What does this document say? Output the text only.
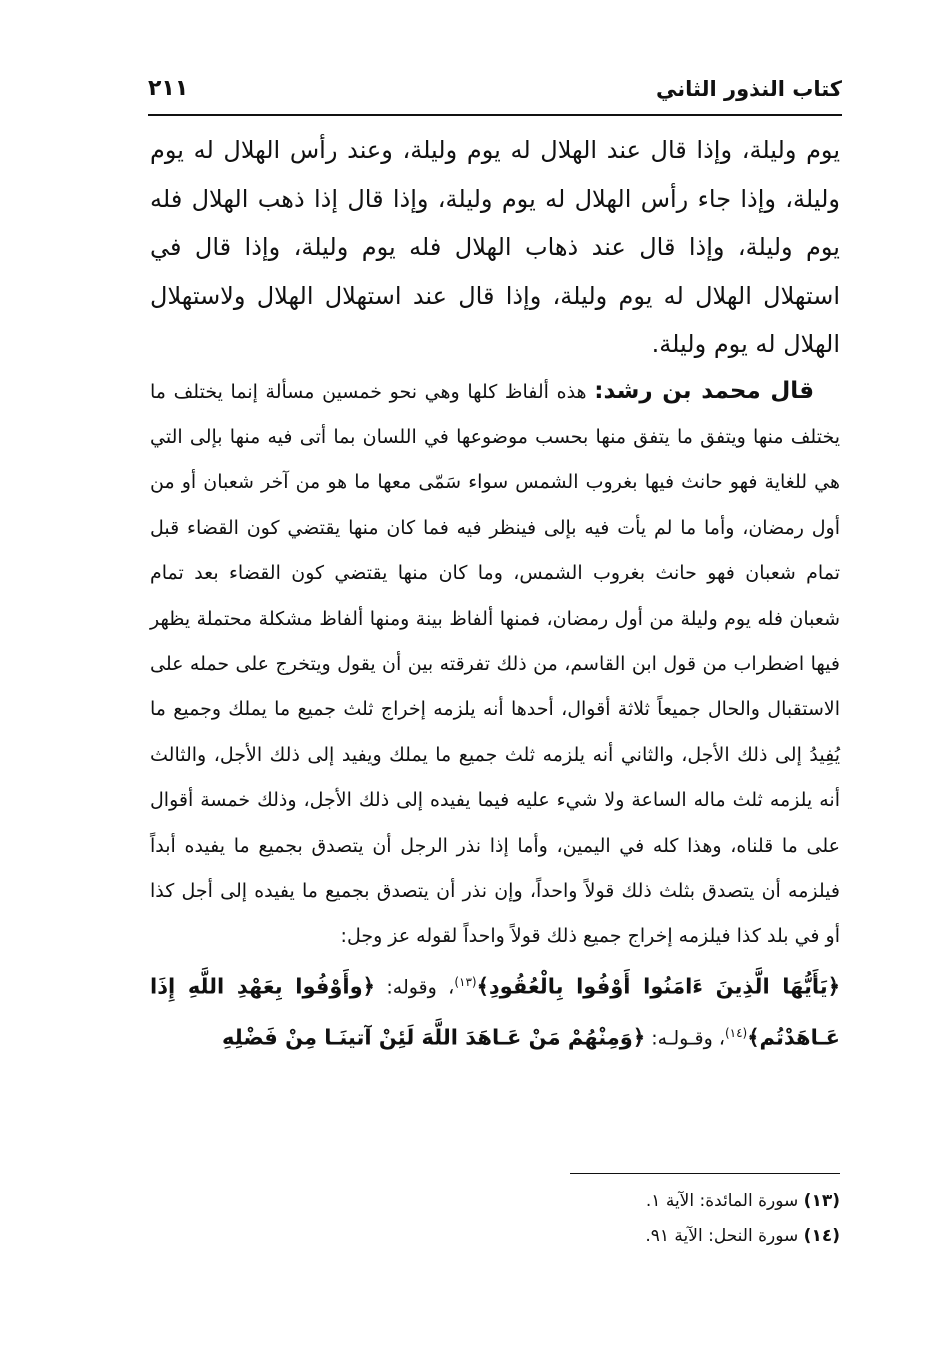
كتاب النذور الثاني
٢١١

يوم وليلة، وإذا قال عند الهلال له يوم وليلة، وعند رأس الهلال له يوم وليلة، وإذا جاء رأس الهلال له يوم وليلة، وإذا قال إذا ذهب الهلال فله يوم وليلة، وإذا قال عند ذهاب الهلال فله يوم وليلة، وإذا قال في استهلال الهلال له يوم وليلة، وإذا قال عند استهلال الهلال ولاستهلال الهلال له يوم وليلة.

قال محمد بن رشد: هذه ألفاظ كلها وهي نحو خمسين مسألة إنما يختلف ما يختلف منها ويتفق ما يتفق منها بحسب موضوعها في اللسان بما أتى فيه منها بإلى التي هي للغاية فهو حانث فيها بغروب الشمس سواء سَمّى معها ما هو من آخر شعبان أو من أول رمضان، وأما ما لم يأت فيه بإلى فينظر فيه فما كان منها يقتضي كون القضاء قبل تمام شعبان فهو حانث بغروب الشمس، وما كان منها يقتضي كون القضاء بعد تمام شعبان فله يوم وليلة من أول رمضان، فمنها ألفاظ بينة ومنها ألفاظ مشكلة محتملة يظهر فيها اضطراب من قول ابن القاسم، من ذلك تفرقته بين أن يقول ويتخرج على حمله على الاستقبال والحال جميعاً ثلاثة أقوال، أحدها أنه يلزمه إخراج ثلث جميع ما يملك وجميع ما يُفِيدُ إلى ذلك الأجل، والثاني أنه يلزمه ثلث جميع ما يملك ويفيد إلى ذلك الأجل، والثالث أنه يلزمه ثلث ماله الساعة ولا شيء عليه فيما يفيده إلى ذلك الأجل، وذلك خمسة أقوال على ما قلناه، وهذا كله في اليمين، وأما إذا نذر الرجل أن يتصدق بجميع ما يفيده أبداً فيلزمه أن يتصدق بثلث ذلك قولاً واحداً، وإن نذر أن يتصدق بجميع ما يفيده إلى أجل كذا أو في بلد كذا فيلزمه إخراج جميع ذلك قولاً واحداً لقوله عز وجل:
﴿يَأَيُّهَا الَّذِينَ ءَامَنُوا أَوْفُوا بِالْعُقُودِ﴾$^{(١٣)}$، وقوله: ﴿وأَوْفُوا بِعَهْدِ اللَّهِ إِذَا عَـاهَدْتُم﴾$^{(١٤)}$، وقـولـه: ﴿وَمِنْهُمْ مَنْ عَـاهَدَ اللَّهَ لَئِنْ آتينَـا مِنْ فَضْلِهِ

(١٣) سورة المائدة: الآية ١.

(١٤) سورة النحل: الآية ٩١.
